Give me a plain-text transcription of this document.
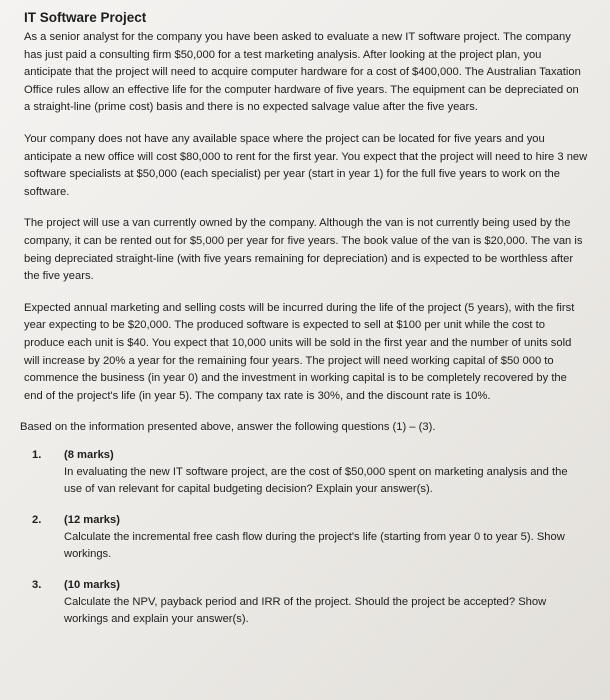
IT Software Project

As a senior analyst for the company you have been asked to evaluate a new IT software project. The company has just paid a consulting firm $50,000 for a test marketing analysis. After looking at the project plan, you anticipate that the project will need to acquire computer hardware for a cost of $400,000. The Australian Taxation Office rules allow an effective life for the computer hardware of five years. The equipment can be depreciated on a straight-line (prime cost) basis and there is no expected salvage value after the five years.

Your company does not have any available space where the project can be located for five years and you anticipate a new office will cost $80,000 to rent for the first year. You expect that the project will need to hire 3 new software specialists at $50,000 (each specialist) per year (start in year 1) for the full five years to work on the software.

The project will use a van currently owned by the company. Although the van is not currently being used by the company, it can be rented out for $5,000 per year for five years. The book value of the van is $20,000. The van is being depreciated straight-line (with five years remaining for depreciation) and is expected to be worthless after the five years.

Expected annual marketing and selling costs will be incurred during the life of the project (5 years), with the first year expecting to be $20,000. The produced software is expected to sell at $100 per unit while the cost to produce each unit is $40. You expect that 10,000 units will be sold in the first year and the number of units sold will increase by 20% a year for the remaining four years. The project will need working capital of $50 000 to commence the business (in year 0) and the investment in working capital is to be completely recovered by the end of the project's life (in year 5). The company tax rate is 30%, and the discount rate is 10%.

Based on the information presented above, answer the following questions (1) – (3).

1.	(8 marks)
In evaluating the new IT software project, are the cost of $50,000 spent on marketing analysis and the use of van relevant for capital budgeting decision? Explain your answer(s).
2.	(12 marks)
Calculate the incremental free cash flow during the project's life (starting from year 0 to year 5). Show workings.
3.	(10 marks)
Calculate the NPV, payback period and IRR of the project. Should the project be accepted? Show workings and explain your answer(s).
